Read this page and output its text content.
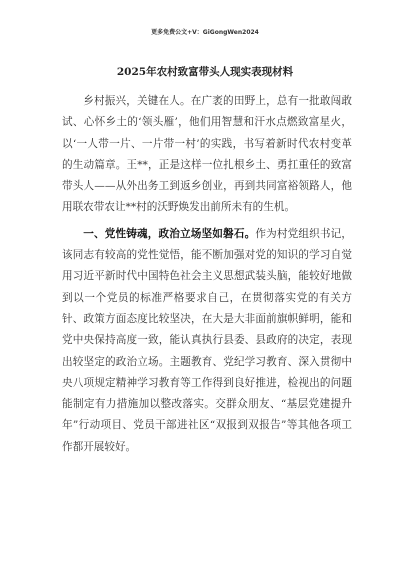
更多免费公文+V：GiGongWen2024
2025年农村致富带头人现实表现材料

乡村振兴，关键在人。在广袤的田野上，总有一批敢闯敢试、心怀乡土的‘领头雁’，他们用智慧和汗水点燃致富星火，以‘一人带一片、一片带一村’的实践，书写着新时代农村变革的生动篇章。王**，正是这样一位扎根乡土、勇扛重任的致富带头人——从外出务工到返乡创业，再到共同富裕领路人，他用联农带农让**村的沃野焕发出前所未有的生机。

一、党性铸魂，政治立场坚如磐石。作为村党组织书记，该同志有较高的党性觉悟，能不断加强对党的知识的学习自觉用习近平新时代中国特色社会主义思想武装头脑，能较好地做到以一个党员的标准严格要求自己，在贯彻落实党的有关方针、政策方面态度比较坚决，在大是大非面前旗帜鲜明，能和党中央保持高度一致，能认真执行县委、县政府的决定，表现出较坚定的政治立场。主题教育、党纪学习教育、深入贯彻中央八项规定精神学习教育等工作得到良好推进，检视出的问题能制定有力措施加以整改落实。交群众朋友、“基层党建提升年”行动项目、党员干部进社区“双报到双报告”等其他各项工作都开展较好。
